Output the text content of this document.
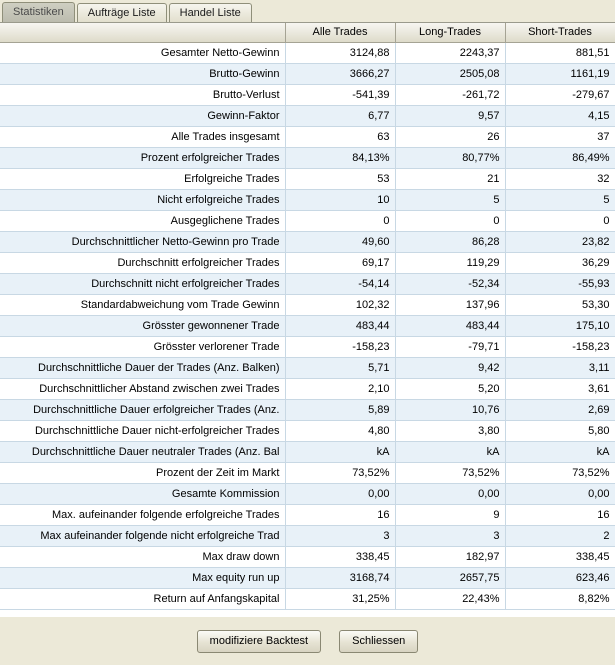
Statistiken	Aufträge Liste	Handel Liste
	Alle Trades	Long-Trades	Short-Trades
Gesamter Netto-Gewinn	3124,88	2243,37	881,51
Brutto-Gewinn	3666,27	2505,08	1161,19
Brutto-Verlust	-541,39	-261,72	-279,67
Gewinn-Faktor	6,77	9,57	4,15
Alle Trades insgesamt	63	26	37
Prozent erfolgreicher Trades	84,13%	80,77%	86,49%
Erfolgreiche Trades	53	21	32
Nicht erfolgreiche Trades	10	5	5
Ausgeglichene Trades	0	0	0
Durchschnittlicher Netto-Gewinn pro Trade	49,60	86,28	23,82
Durchschnitt erfolgreicher Trades	69,17	119,29	36,29
Durchschnitt nicht erfolgreicher Trades	-54,14	-52,34	-55,93
Standardabweichung vom Trade Gewinn	102,32	137,96	53,30
Grösster gewonnener Trade	483,44	483,44	175,10
Grösster verlorener Trade	-158,23	-79,71	-158,23
Durchschnittliche Dauer der Trades (Anz. Balken)	5,71	9,42	3,11
Durchschnittlicher Abstand zwischen zwei Trades	2,10	5,20	3,61
Durchschnittliche Dauer erfolgreicher Trades (Anz.	5,89	10,76	2,69
Durchschnittliche Dauer nicht-erfolgreicher Trades	4,80	3,80	5,80
Durchschnittliche Dauer neutraler Trades (Anz. Bal	kA	kA	kA
Prozent der Zeit im Markt	73,52%	73,52%	73,52%
Gesamte Kommission	0,00	0,00	0,00
Max. aufeinander folgende erfolgreiche Trades	16	9	16
Max aufeinander folgende nicht erfolgreiche Trad	3	3	2
Max draw down	338,45	182,97	338,45
Max equity run up	3168,74	2657,75	623,46
Return auf Anfangskapital	31,25%	22,43%	8,82%
modifiziere Backtest	Schliessen
